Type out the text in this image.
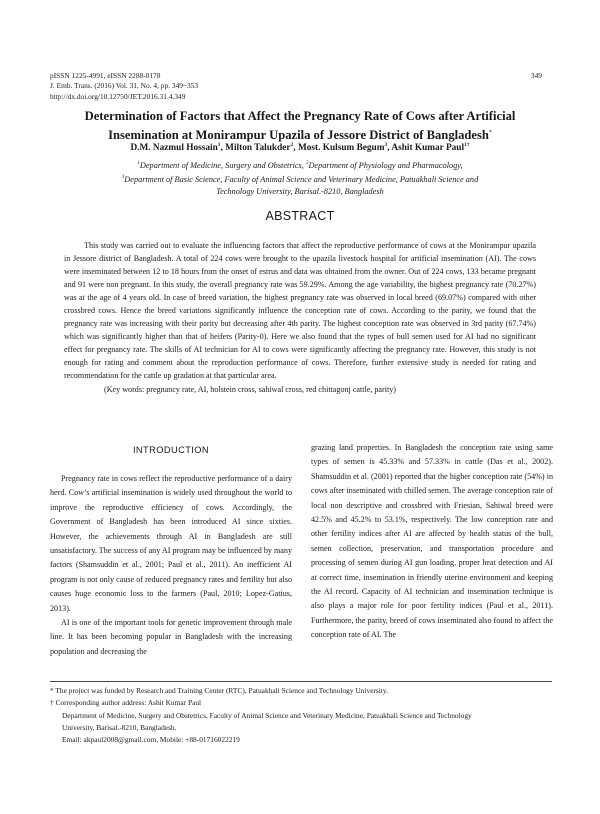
pISSN 1225-4991, eISSN 2288-0178
J. Emb. Trans. (2016) Vol. 31, No. 4, pp. 349~353
http://dx.doi.org/10.12750/JET.2016.31.4.349
349
Determination of Factors that Affect the Pregnancy Rate of Cows after Artificial
Insemination at Monirampur Upazila of Jessore District of Bangladesh*
D.M. Nazmul Hossain$^1$, Milton Talukder$^2$, Most. Kulsum Begum$^3$, Ashit Kumar Paul$^{1\dagger}$
$^1$Department of Medicine, Surgery and Obstetrics, $^2$Department of Physiology and Pharmacology,
$^3$Department of Basic Science, Faculty of Animal Science and Veterinary Medicine, Patuakhali Science and
Technology University, Barisal.-8210, Bangladesh
ABSTRACT

This study was carried out to evaluate the influencing factors that affect the reproductive performance of cows at the Monirampur upazila in Jessore district of Bangladesh. A total of 224 cows were brought to the upazila livestock hospital for artificial insemination (AI). The cows were inseminated between 12 to 18 hours from the onset of estrus and data was obtained from the owner. Out of 224 cows, 133 became pregnant and 91 were non pregnant. In this study, the overall pregnancy rate was 59.29%. Among the age variability, the highest pregnancy rate (70.27%) was at the age of 4 years old. In case of breed variation, the highest pregnancy rate was observed in local breed (69.07%) compared with other crossbred cows. Hence the breed variations significantly influence the conception rate of cows. According to the parity, we found that the pregnancy rate was increasing with their parity but decreasing after 4th parity. The highest conception rate was observed in 3rd parity (67.74%) which was significantly higher than that of heifers (Parity-0). Here we also found that the types of bull semen used for AI had no significant effect for pregnancy rate. The skills of AI technician for AI to cows were significantly affecting the pregnancy rate. However, this study is not enough for rating and comment about the reproduction performance of cows. Therefore, further extensive study is needed for rating and recommendation for the cattle up gradation at that particular area.

(Key words: pregnancy rate, AI, holstein cross, sahiwal cross, red chittagonj cattle, parity)

INTRODUCTION

Pregnancy rate in cows reflect the reproductive performance of a dairy herd. Cow’s artificial insemination is widely used throughout the world to improve the reproductive efficiency of cows. Accordingly, the Government of Bangladesh has been introduced AI since sixties. However, the achievements through AI in Bangladesh are still unsatisfactory. The success of any AI program may be influenced by many factors (Shamsuddin et al., 2001; Paul et al., 2011). An inefficient AI program is not only cause of reduced pregnancy rates and fertility but also causes huge economic loss to the farmers (Paul, 2010; Lopez-Gatius, 2013).

AI is one of the important tools for genetic improvement through male line. It has been becoming popular in Bangladesh with the increasing population and decreasing the

grazing land properties. In Bangladesh the conception rate using same types of semen is 45.33% and 57.33% in cattle (Das et al., 2002). Shamsuddin et al. (2001) reported that the higher conception rate (54%) in cows after inseminated with chilled semen. The average conception rate of local non descriptive and crossbred with Friesian, Sahiwal breed were 42.5% and 45.2% to 53.1%, respectively. The low conception rate and other fertility indices after AI are affected by health status of the bull, semen collection, preservation, and transportation procedure and processing of semen during AI gun loading, proper heat detection and AI at correct time, insemination in friendly uterine environment and keeping the AI record. Capacity of AI technician and insemination technique is also plays a major role for poor fertility indices (Paul et al., 2011). Furthermore, the parity, breed of cows inseminated also found to affect the conception rate of AI. The

* The project was funded by Research and Training Center (RTC), Patuakhali Science and Technology University.
† Corresponding author address: Ashit Kumar Paul
Department of Medicine, Surgery and Obstetrics, Faculty of Animal Science and Veterinary Medicine, Patuakhali Science and Technology
University, Barisal.-8210, Bangladesh.
Email: akpaul2008@gmail.com, Mobile: +88-01716022219
